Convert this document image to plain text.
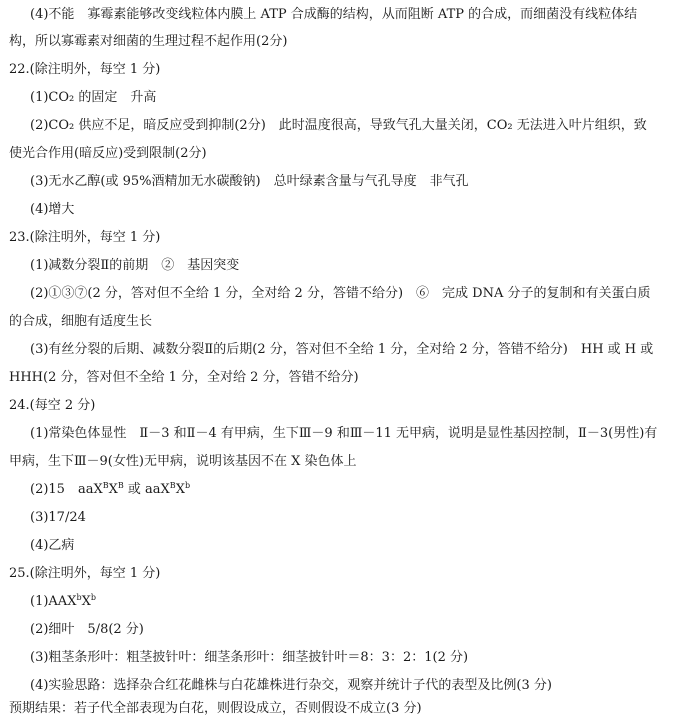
(4)不能　寡霉素能够改变线粒体内膜上 ATP 合成酶的结构，从而阻断 ATP 的合成，而细菌没有线粒体结
构，所以寡霉素对细菌的生理过程不起作用(2分)
22.(除注明外，每空 1 分)
(1)CO₂ 的固定　升高
(2)CO₂ 供应不足，暗反应受到抑制(2分)　此时温度很高，导致气孔大量关闭，CO₂ 无法进入叶片组织，致
使光合作用(暗反应)受到限制(2分)
(3)无水乙醇(或 95%酒精加无水碳酸钠)　总叶绿素含量与气孔导度　非气孔
(4)增大
23.(除注明外，每空 1 分)
(1)减数分裂Ⅱ的前期　②　基因突变
(2)①③⑦(2 分，答对但不全给 1 分，全对给 2 分，答错不给分)　⑥　完成 DNA 分子的复制和有关蛋白质
的合成，细胞有适度生长
(3)有丝分裂的后期、减数分裂Ⅱ的后期(2 分，答对但不全给 1 分，全对给 2 分，答错不给分)　HH 或 H 或
HHH(2 分，答对但不全给 1 分，全对给 2 分，答错不给分)
24.(每空 2 分)
(1)常染色体显性　Ⅱ－3 和Ⅱ－4 有甲病，生下Ⅲ－9 和Ⅲ－11 无甲病，说明是显性基因控制，Ⅱ－3(男性)有
甲病，生下Ⅲ－9(女性)无甲病，说明该基因不在 X 染色体上
(2)15　$aaX^BX^B$ 或 $aaX^BX^b$
(3)17/24
(4)乙病
25.(除注明外，每空 1 分)
$(1)AAX^bX^b$
(2)细叶　5/8(2 分)
(3)粗茎条形叶：粗茎披针叶：细茎条形叶：细茎披针叶＝8：3：2：1(2 分)
(4)实验思路：选择杂合红花雌株与白花雄株进行杂交，观察并统计子代的表型及比例(3 分)
预期结果：若子代全部表现为白花，则假设成立，否则假设不成立(3 分)
